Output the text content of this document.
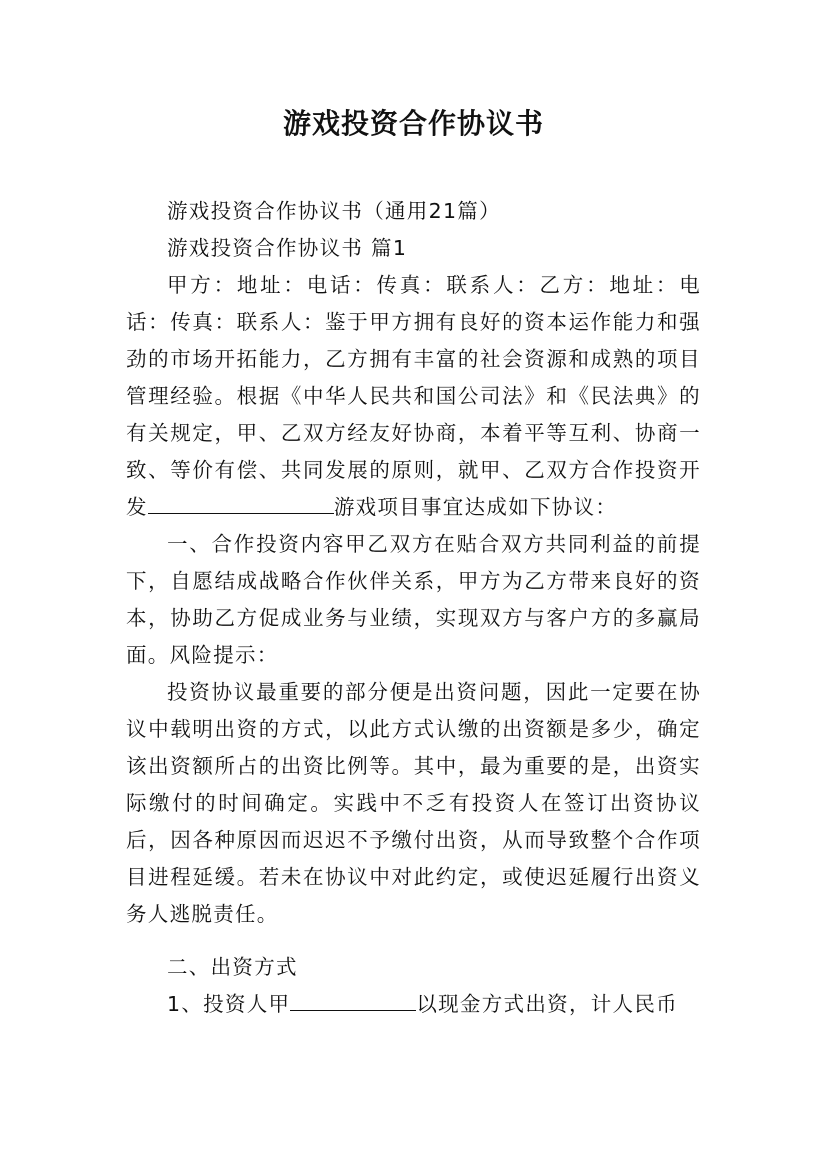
游戏投资合作协议书

游戏投资合作协议书（通用21篇）

游戏投资合作协议书 篇1

甲方：地址：电话：传真：联系人：乙方：地址：电话：传真：联系人：鉴于甲方拥有良好的资本运作能力和强劲的市场开拓能力，乙方拥有丰富的社会资源和成熟的项目管理经验。根据《中华人民共和国公司法》和《民法典》的有关规定，甲、乙双方经友好协商，本着平等互利、协商一致、等价有偿、共同发展的原则，就甲、乙双方合作投资开发	游戏项目事宜达成如下协议：

一、合作投资内容甲乙双方在贴合双方共同利益的前提下，自愿结成战略合作伙伴关系，甲方为乙方带来良好的资本，协助乙方促成业务与业绩，实现双方与客户方的多赢局面。风险提示：

投资协议最重要的部分便是出资问题，因此一定要在协议中载明出资的方式，以此方式认缴的出资额是多少，确定该出资额所占的出资比例等。其中，最为重要的是，出资实际缴付的时间确定。实践中不乏有投资人在签订出资协议后，因各种原因而迟迟不予缴付出资，从而导致整个合作项目进程延缓。若未在协议中对此约定，或使迟延履行出资义务人逃脱责任。

二、出资方式

1、投资人甲	以现金方式出资，计人民币
